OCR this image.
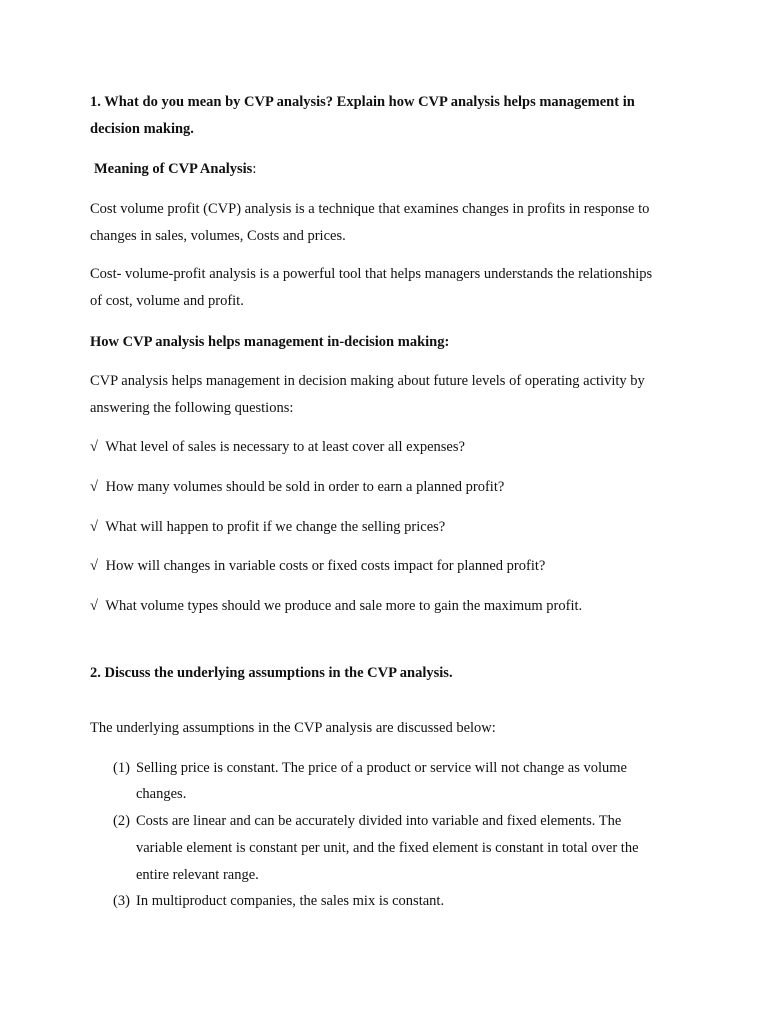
1. What do you mean by CVP analysis? Explain how CVP analysis helps management in
decision making.
Meaning of CVP Analysis:
Cost volume profit (CVP) analysis is a technique that examines changes in profits in response to
changes in sales, volumes, Costs and prices.
Cost- volume-profit analysis is a powerful tool that helps managers understands the relationships
of cost, volume and profit.
How CVP analysis helps management in-decision making:
CVP analysis helps management in decision making about future levels of operating activity by
answering the following questions:
√ What level of sales is necessary to at least cover all expenses?
√ How many volumes should be sold in order to earn a planned profit?
√ What will happen to profit if we change the selling prices?
√ How will changes in variable costs or fixed costs impact for planned profit?
√ What volume types should we produce and sale more to gain the maximum profit.
2. Discuss the underlying assumptions in the CVP analysis.
The underlying assumptions in the CVP analysis are discussed below:
(1) Selling price is constant. The price of a product or service will not change as volume
changes.
(2) Costs are linear and can be accurately divided into variable and fixed elements. The
variable element is constant per unit, and the fixed element is constant in total over the
entire relevant range.
(3) In multiproduct companies, the sales mix is constant.
